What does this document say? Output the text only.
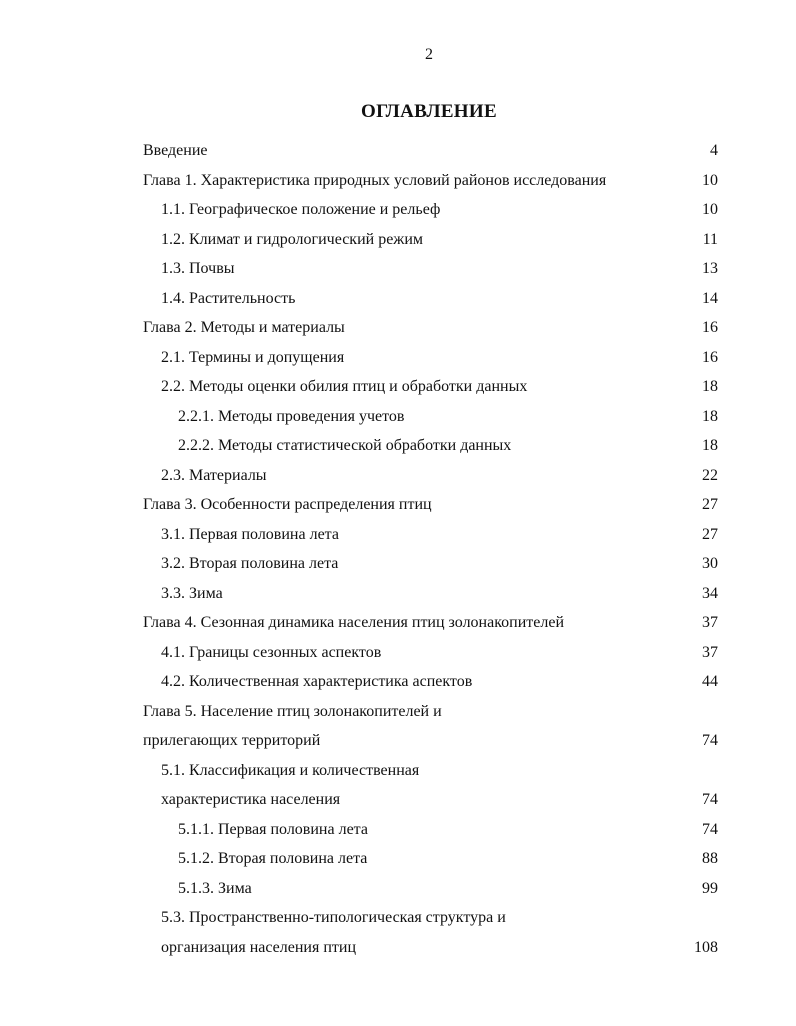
2
ОГЛАВЛЕНИЕ
Введение	4
Глава 1. Характеристика природных условий районов исследования	10
1.1. Географическое положение и рельеф	10
1.2. Климат и гидрологический режим	11
1.3. Почвы	13
1.4. Растительность	14
Глава 2. Методы и материалы	16
2.1. Термины и допущения	16
2.2. Методы оценки обилия птиц и обработки данных	18
2.2.1. Методы проведения учетов	18
2.2.2. Методы статистической обработки данных	18
2.3. Материалы	22
Глава 3. Особенности распределения птиц	27
3.1. Первая половина лета	27
3.2. Вторая половина лета	30
3.3. Зима	34
Глава 4. Сезонная динамика населения птиц золонакопителей	37
4.1. Границы сезонных аспектов	37
4.2. Количественная характеристика аспектов	44
Глава 5. Население птиц золонакопителей и
прилегающих территорий	74
5.1. Классификация и количественная
характеристика населения	74
5.1.1. Первая половина лета	74
5.1.2. Вторая половина лета	88
5.1.3. Зима	99
5.3. Пространственно-типологическая структура и
организация населения птиц	108
